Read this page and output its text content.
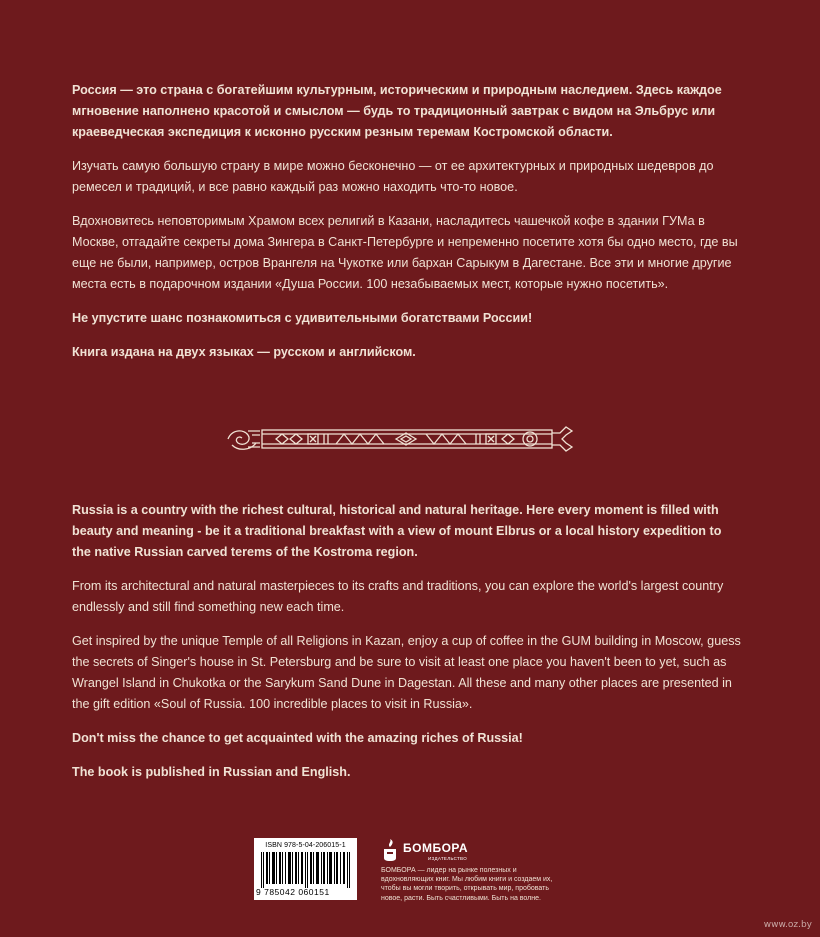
Россия — это страна с богатейшим культурным, историческим и природным наследием. Здесь каждое мгновение наполнено красотой и смыслом — будь то традиционный завтрак с видом на Эльбрус или краеведческая экспедиция к исконно русским резным теремам Костромской области.

Изучать самую большую страну в мире можно бесконечно — от ее архитектурных и природных шедевров до ремесел и традиций, и все равно каждый раз можно находить что-то новое.

Вдохновитесь неповторимым Храмом всех религий в Казани, насладитесь чашечкой кофе в здании ГУМа в Москве, отгадайте секреты дома Зингера в Санкт-Петербурге и непременно посетите хотя бы одно место, где вы еще не были, например, остров Врангеля на Чукотке или бархан Сарыкум в Дагестане. Все эти и многие другие места есть в подарочном издании «Душа России. 100 незабываемых мест, которые нужно посетить».

Не упустите шанс познакомиться с удивительными богатствами России!

Книга издана на двух языках — русском и английском.

Russia is a country with the richest cultural, historical and natural heritage. Here every moment is filled with beauty and meaning - be it a traditional breakfast with a view of mount Elbrus or a local history expedition to the native Russian carved terems of the Kostroma region.

From its architectural and natural masterpieces to its crafts and traditions, you can explore the world's largest country endlessly and still find something new each time.

Get inspired by the unique Temple of all Religions in Kazan, enjoy a cup of coffee in the GUM building in Moscow, guess the secrets of Singer's house in St. Petersburg and be sure to visit at least one place you haven't been to yet, such as Wrangel Island in Chukotka or the Sarykum Sand Dune in Dagestan. All these and many other places are presented in the gift edition «Soul of Russia. 100 incredible places to visit in Russia».

Don't miss the chance to get acquainted with the amazing riches of Russia!

The book is published in Russian and English.

ISBN 978-5-04-206015-1
9 785042 060151
БОМБОРА
ИЗДАТЕЛЬСТВО
БОМБОРА — лидер на рынке полезных и вдохновляющих книг. Мы любим книги и создаем их, чтобы вы могли творить, открывать мир, пробовать новое, расти. Быть счастливыми. Быть на волне.
www.oz.by
